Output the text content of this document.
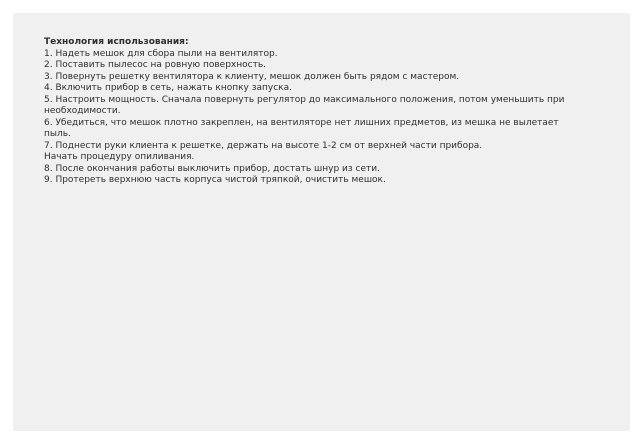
Технология использования:

1. Надеть мешок для сбора пыли на вентилятор.

2. Поставить пылесос на ровную поверхность.

3. Повернуть решетку вентилятора к клиенту, мешок должен быть рядом с мастером.

4. Включить прибор в сеть, нажать кнопку запуска.

5. Настроить мощность. Сначала повернуть регулятор до максимального положения, потом уменьшить при необходимости.

6. Убедиться, что мешок плотно закреплен, на вентиляторе нет лишних предметов, из мешка не вылетает пыль.

7. Поднести руки клиента к решетке, держать на высоте 1-2 см от верхней части прибора.

Начать процедуру опиливания.

8. После окончания работы выключить прибор, достать шнур из сети.

9. Протереть верхнюю часть корпуса чистой тряпкой, очистить мешок.
